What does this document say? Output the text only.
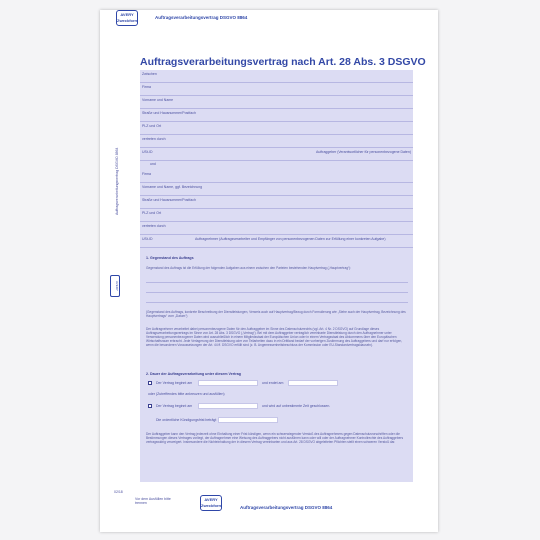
AVERY Zweckform
Auftragsverarbeitungsvertrag DSGVO 8864
Auftragsverarbeitungsvertrag nach Art. 28 Abs. 3 DSGVO
Auftragsverarbeitungsvertrag DSGVO 8864
AVERY
Zwischen
Firma
Vorname und Name
Straße und Hausnummer/Postfach
PLZ und Ort
vertreten durch
USt-ID	Auftraggeber (Verantwortlicher für personenbezogene Daten)
und
Firma
Vorname und Name, ggf. Bezeichnung
Straße und Hausnummer/Postfach
PLZ und Ort
vertreten durch
USt-ID	Auftragnehmer (Auftragsverarbeiter und Empfänger von personenbezogenen Daten zur Erfüllung einer konkreten Aufgabe)
1. Gegenstand des Auftrags
Gegenstand des Auftrags ist die Erfüllung der folgenden Aufgaben aus einem zwischen den Parteien bestehenden Hauptvertrag („Hauptvertrag“):
(Gegenstand des Auftrags, konkrete Beschreibung der Dienstleistungen, Verweis auch auf Hauptvertrag/Bezug durch Formulierung wie „Siehe auch der Hauptvertrag, Bezeichnung des Hauptvertrags“ vom „Datum“)
Der Auftragnehmer verarbeitet dabei personenbezogene Daten für den Auftraggeber im Sinne des Datenschutzrechts (vgl. Art. 4 Nr. 2 DSGVO) auf Grundlage dieses Auftragsverarbeitungsvertrags im Sinne von Art. 28 Abs. 3 DSGVO („Vertrag“). Bei mit dem Auftraggeber vertraglich vereinbarte Dienstleistung durch den Auftragnehmer unter Verwendung personenbezogener Daten wird ausschließlich in einem Mitgliedsstaat der Europäischen Union oder in einem Vertragsstaat des Abkommens über den Europäischen Wirtschaftsraum erbracht. Jede Verlagerung der Dienstleistung oder von Teilarbeiten dazu in ein Drittland bedarf der vorherigen Zustimmung des Auftraggebers und darf nur erfolgen, wenn die besonderen Voraussetzungen der Art. 44 ff. DSGVO erfüllt sind (z. B. Angemessenheitsbeschluss der Kommission oder EU-Standardvertragsklauseln).
2. Dauer der Auftragsverarbeitung unter diesem Vertrag
Der Vertrag beginnt am	und endet am
oder (Zutreffendes bitte ankreuzen und ausfüllen)
Der Vertrag beginnt am	und wird auf unbestimmte Zeit geschlossen.
Die ordentliche Kündigungsfrist beträgt
Der Auftraggeber kann den Vertrag jederzeit ohne Einhaltung einer Frist kündigen, wenn ein schwerwiegender Verstoß des Auftragnehmers gegen Datenschutzvorschriften oder die Bestimmungen dieses Vertrages vorliegt, der Auftragnehmer eine Weisung des Auftraggebers nicht ausführen kann oder will oder der Auftragnehmer Kontrollrechte des Auftraggebers vertragswidrig verweigert. Insbesondere die Nichteinhaltung der in diesem Vertrag vereinbarten und aus Art. 28 DSGVO abgeleiteten Pflichten stellt einen schweren Verstoß dar.
02/18
Vor dem Ausfüllen bitte trennen
AVERY Zweckform	Auftragsverarbeitungsvertrag DSGVO 8864
